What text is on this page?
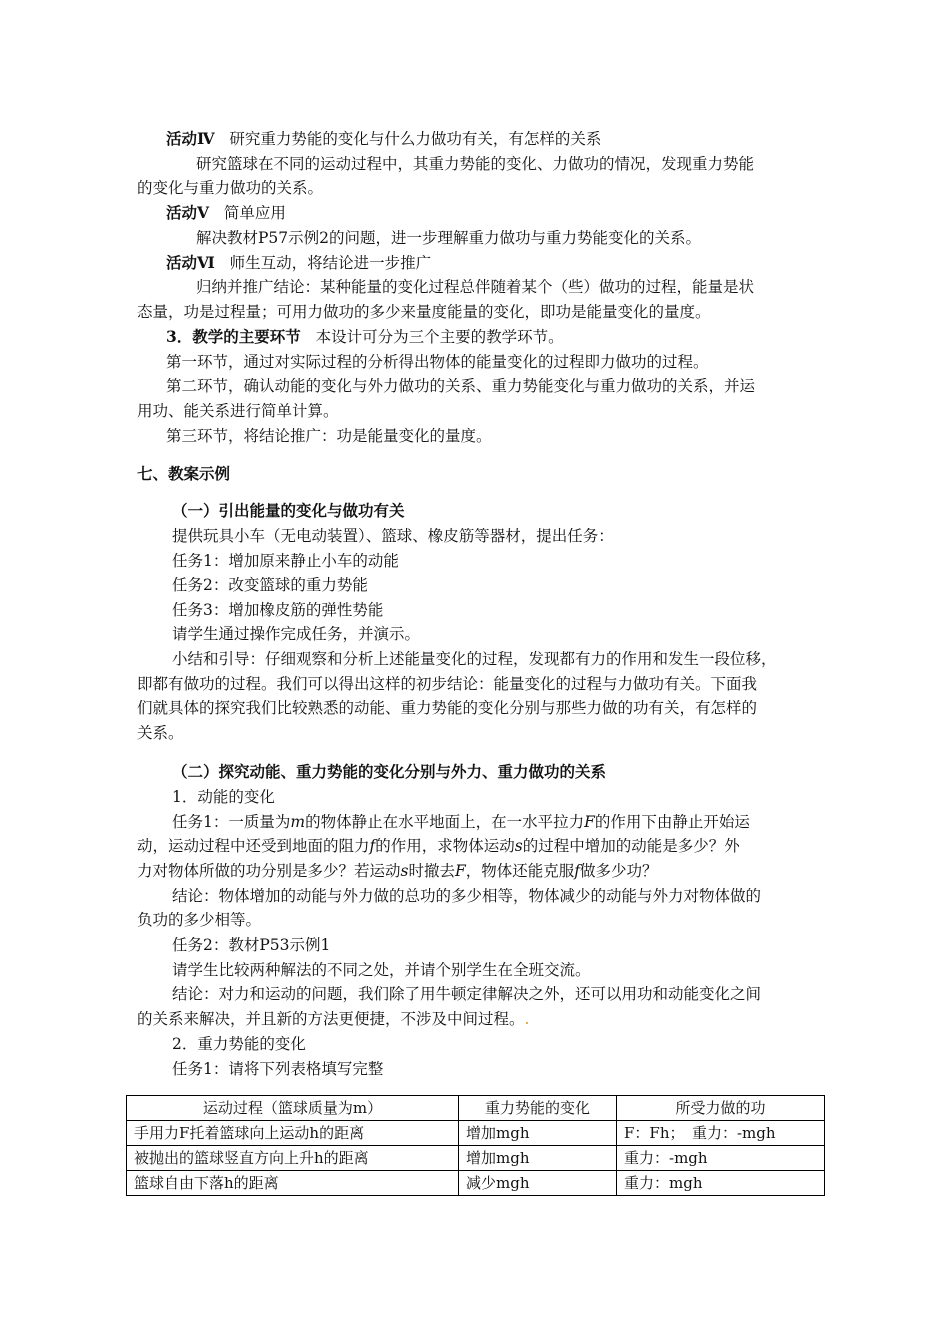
活动Ⅳ 研究重力势能的变化与什么力做功有关，有怎样的关系
研究篮球在不同的运动过程中，其重力势能的变化、力做功的情况，发现重力势能
的变化与重力做功的关系。
活动Ⅴ 简单应用
解决教材P57示例2的问题，进一步理解重力做功与重力势能变化的关系。
活动Ⅵ 师生互动，将结论进一步推广
归纳并推广结论：某种能量的变化过程总伴随着某个（些）做功的过程，能量是状
态量，功是过程量；可用力做功的多少来量度能量的变化，即功是能量变化的量度。
3．教学的主要环节 本设计可分为三个主要的教学环节。
第一环节，通过对实际过程的分析得出物体的能量变化的过程即力做功的过程。
第二环节，确认动能的变化与外力做功的关系、重力势能变化与重力做功的关系，并运
用功、能关系进行简单计算。
第三环节，将结论推广：功是能量变化的量度。
七、教案示例
（一）引出能量的变化与做功有关
提供玩具小车（无电动装置）、篮球、橡皮筋等器材，提出任务：
任务1：增加原来静止小车的动能
任务2：改变篮球的重力势能
任务3：增加橡皮筋的弹性势能
请学生通过操作完成任务，并演示。
小结和引导：仔细观察和分析上述能量变化的过程，发现都有力的作用和发生一段位移，
即都有做功的过程。我们可以得出这样的初步结论：能量变化的过程与力做功有关。下面我
们就具体的探究我们比较熟悉的动能、重力势能的变化分别与那些力做的功有关，有怎样的
关系。
（二）探究动能、重力势能的变化分别与外力、重力做功的关系
1．动能的变化
任务1：一质量为m的物体静止在水平地面上，在一水平拉力F的作用下由静止开始运
动，运动过程中还受到地面的阻力f的作用，求物体运动s的过程中增加的动能是多少？外
力对物体所做的功分别是多少？若运动s时撤去F，物体还能克服f做多少功？
结论：物体增加的动能与外力做的总功的多少相等，物体减少的动能与外力对物体做的
负功的多少相等。
任务2：教材P53示例1
请学生比较两种解法的不同之处，并请个别学生在全班交流。
结论：对力和运动的问题，我们除了用牛顿定律解决之外，还可以用功和动能变化之间
的关系来解决，并且新的方法更便捷，不涉及中间过程。.
2．重力势能的变化
任务1：请将下列表格填写完整
运动过程（篮球质量为m）	重力势能的变化	所受力做的功
手用力F托着篮球向上运动h的距离	增加mgh	F：Fh；　重力：-mgh
被抛出的篮球竖直方向上升h的距离	增加mgh	重力：-mgh
篮球自由下落h的距离	减少mgh	重力：mgh
